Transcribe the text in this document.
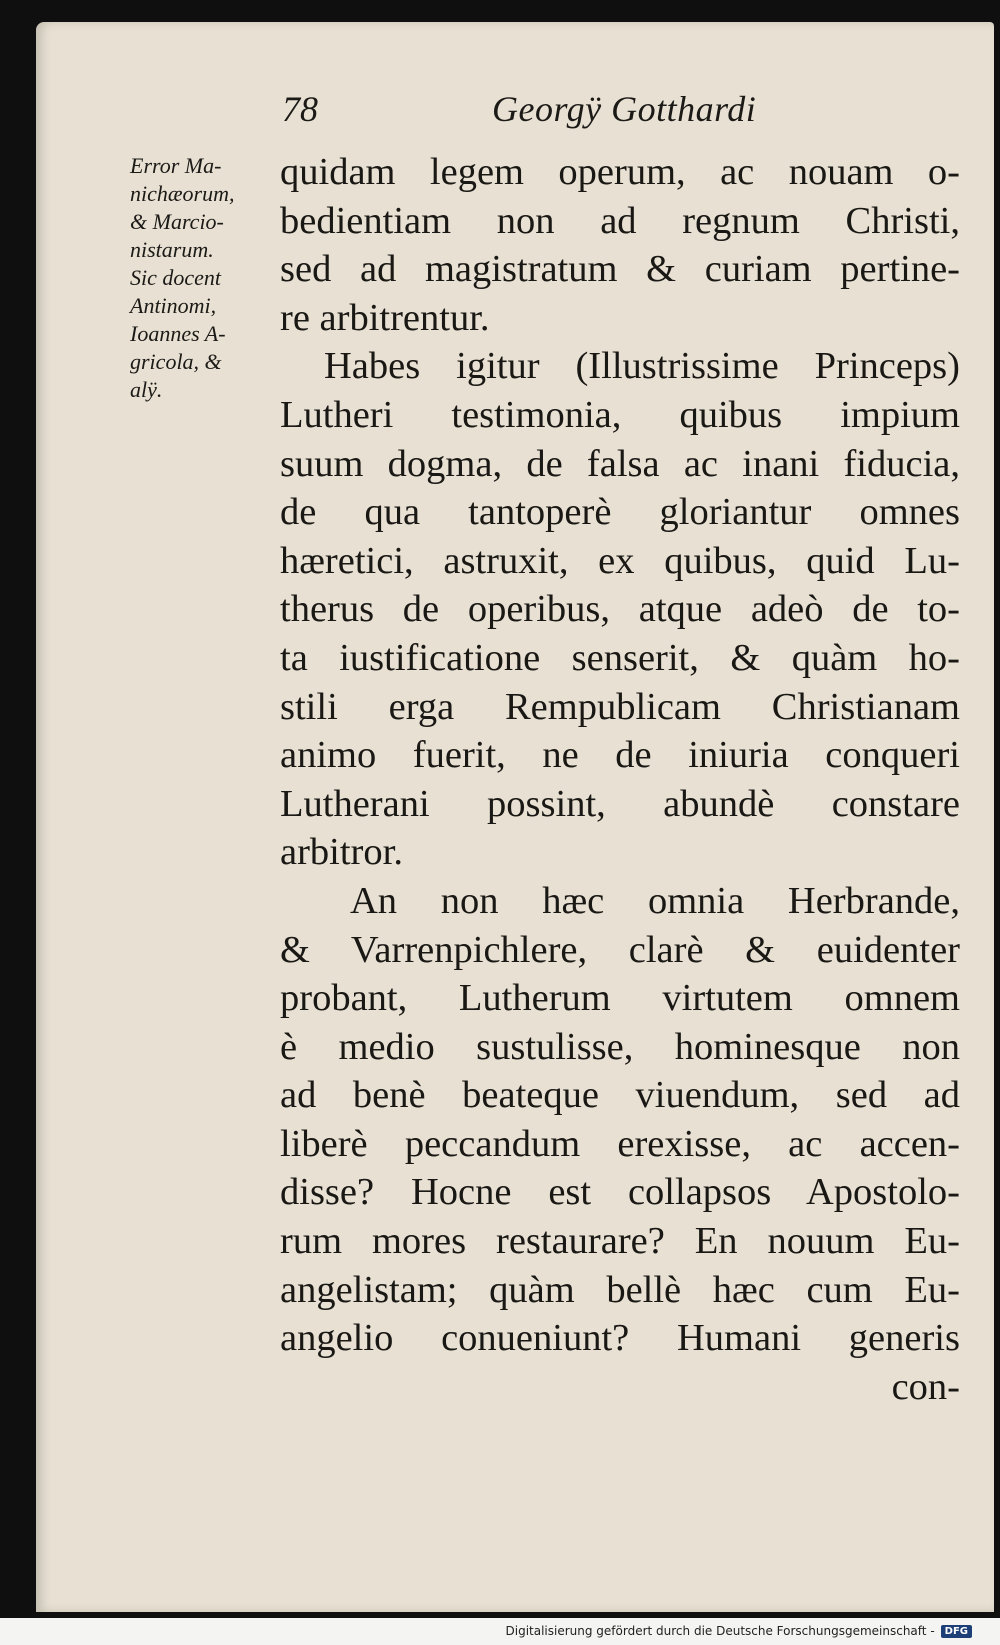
78	Georgÿ Gotthardi
Error Ma-
nichæorum,
& Marcio-
nistarum.
Sic docent
Antinomi,
Ioannes A-
gricola, &
alÿ.
quidam legem operum, ac nouam o-
bedientiam non ad regnum Christi,
sed ad magistratum & curiam pertine-
re arbitrentur.
Habes igitur (Illustrissime Princeps)
Lutheri testimonia, quibus impium
suum dogma, de falsa ac inani fiducia,
de qua tantoperè gloriantur omnes
hæretici, astruxit, ex quibus, quid Lu-
therus de operibus, atque adeò de to-
ta iustificatione senserit, & quàm ho-
stili erga Rempublicam Christianam
animo fuerit, ne de iniuria conqueri
Lutherani possint, abundè constare
arbitror.
An non hæc omnia Herbrande,
& Varrenpichlere, clarè & euidenter
probant, Lutherum virtutem omnem
è medio sustulisse, hominesque non
ad benè beateque viuendum, sed ad
liberè peccandum erexisse, ac accen-
disse? Hocne est collapsos Apostolo-
rum mores restaurare? En nouum Eu-
angelistam; quàm bellè hæc cum Eu-
angelio conueniunt? Humani generis
con-
Digitalisierung gefördert durch die Deutsche Forschungsgemeinschaft -	DFG
